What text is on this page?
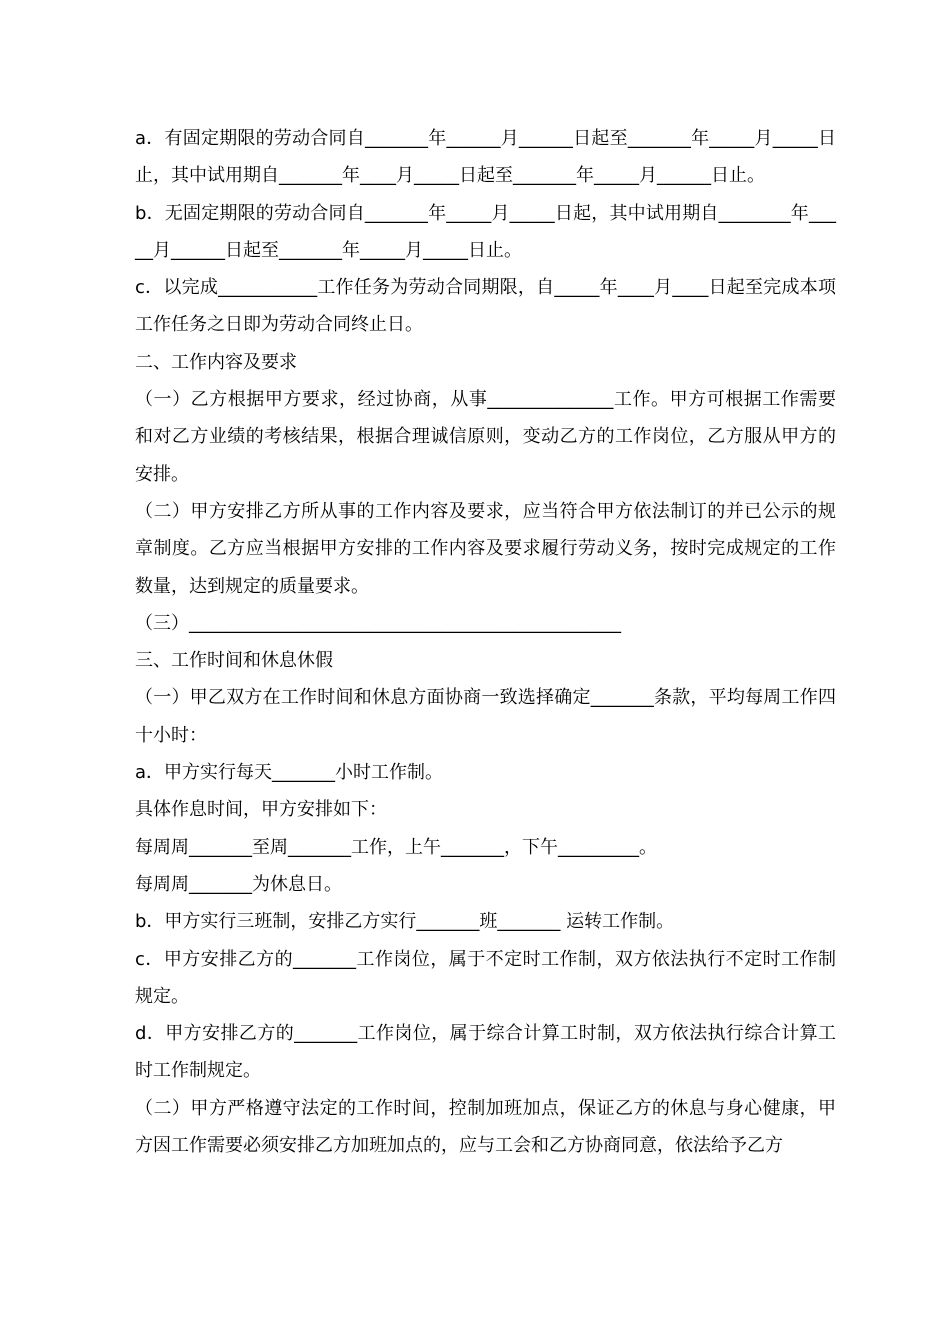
a．有固定期限的劳动合同自_______年______月______日起至_______年_____月_____日止，其中试用期自_______年____月_____日起至_______年_____月______日止。

b．无固定期限的劳动合同自_______年_____月_____日起，其中试用期自________年_____月______日起至_______年_____月_____日止。

c．以完成___________工作任务为劳动合同期限，自_____年____月____日起至完成本项工作任务之日即为劳动合同终止日。

二、工作内容及要求

（一）乙方根据甲方要求，经过协商，从事______________工作。甲方可根据工作需要和对乙方业绩的考核结果，根据合理诚信原则，变动乙方的工作岗位，乙方服从甲方的安排。

（二）甲方安排乙方所从事的工作内容及要求，应当符合甲方依法制订的并已公示的规章制度。乙方应当根据甲方安排的工作内容及要求履行劳动义务，按时完成规定的工作数量，达到规定的质量要求。

（三）________________________________________________

三、工作时间和休息休假

（一）甲乙双方在工作时间和休息方面协商一致选择确定_______条款，平均每周工作四十小时：

a．甲方实行每天_______小时工作制。

具体作息时间，甲方安排如下：

每周周_______至周_______工作，上午_______，下午_________。

每周周_______为休息日。

b．甲方实行三班制，安排乙方实行_______班_______ 运转工作制。

c．甲方安排乙方的_______工作岗位，属于不定时工作制，双方依法执行不定时工作制规定。

d．甲方安排乙方的_______工作岗位，属于综合计算工时制，双方依法执行综合计算工时工作制规定。

（二）甲方严格遵守法定的工作时间，控制加班加点，保证乙方的休息与身心健康，甲方因工作需要必须安排乙方加班加点的，应与工会和乙方协商同意，依法给予乙方
